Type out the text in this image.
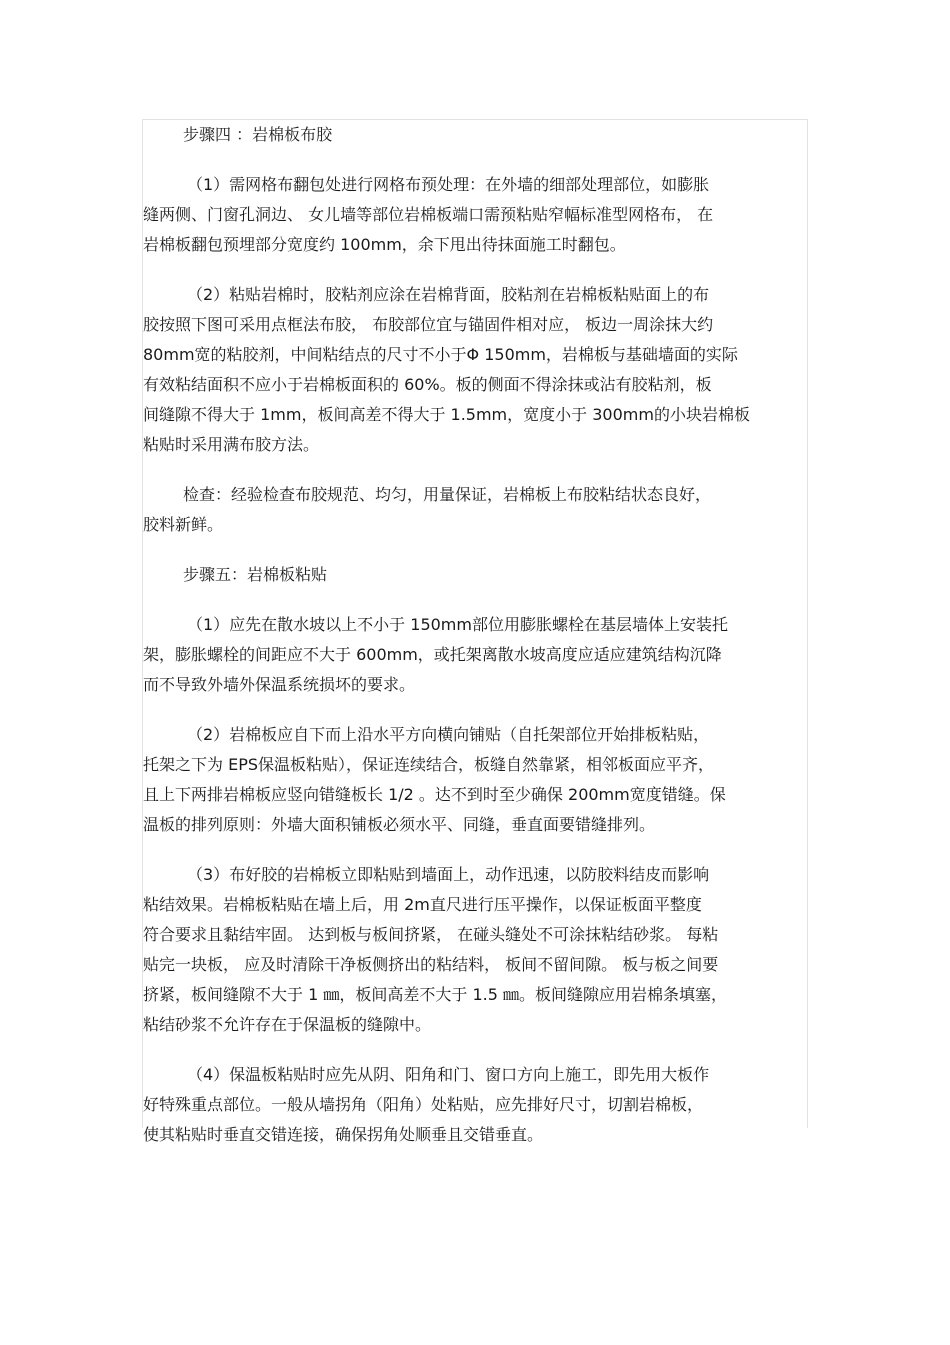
步骤四 ：岩棉板布胶

（1）需网格布翻包处进行网格布预处理：在外墙的细部处理部位，如膨胀
缝两侧、门窗孔洞边、 女儿墙等部位岩棉板端口需预粘贴窄幅标准型网格布， 在
岩棉板翻包预埋部分宽度约 100mm，余下甩出待抹面施工时翻包。

（2）粘贴岩棉时，胶粘剂应涂在岩棉背面，胶粘剂在岩棉板粘贴面上的布
胶按照下图可采用点框法布胶， 布胶部位宜与锚固件相对应， 板边一周涂抹大约
80mm宽的粘胶剂，中间粘结点的尺寸不小于Φ 150mm，岩棉板与基础墙面的实际
有效粘结面积不应小于岩棉板面积的 60%。板的侧面不得涂抹或沾有胶粘剂，板
间缝隙不得大于 1mm，板间高差不得大于 1.5mm，宽度小于 300mm的小块岩棉板
粘贴时采用满布胶方法。

检查：经验检查布胶规范、均匀，用量保证，岩棉板上布胶粘结状态良好，
胶料新鲜。

步骤五：岩棉板粘贴

（1）应先在散水坡以上不小于 150mm部位用膨胀螺栓在基层墙体上安装托
架，膨胀螺栓的间距应不大于 600mm，或托架离散水坡高度应适应建筑结构沉降
而不导致外墙外保温系统损坏的要求。

（2）岩棉板应自下而上沿水平方向横向铺贴（自托架部位开始排板粘贴，
托架之下为 EPS保温板粘贴），保证连续结合，板缝自然靠紧，相邻板面应平齐，
且上下两排岩棉板应竖向错缝板长 1/2 。达不到时至少确保 200mm宽度错缝。保
温板的排列原则：外墙大面积铺板必须水平、同缝，垂直面要错缝排列。

（3）布好胶的岩棉板立即粘贴到墙面上，动作迅速，以防胶料结皮而影响
粘结效果。岩棉板粘贴在墙上后，用 2m直尺进行压平操作，以保证板面平整度
符合要求且黏结牢固。 达到板与板间挤紧， 在碰头缝处不可涂抹粘结砂浆。 每粘
贴完一块板， 应及时清除干净板侧挤出的粘结料， 板间不留间隙。 板与板之间要
挤紧，板间缝隙不大于 1 ㎜，板间高差不大于 1.5 ㎜。板间缝隙应用岩棉条填塞，
粘结砂浆不允许存在于保温板的缝隙中。

（4）保温板粘贴时应先从阴、阳角和门、窗口方向上施工，即先用大板作
好特殊重点部位。一般从墙拐角（阳角）处粘贴，应先排好尺寸，切割岩棉板，
使其粘贴时垂直交错连接，确保拐角处顺垂且交错垂直。
